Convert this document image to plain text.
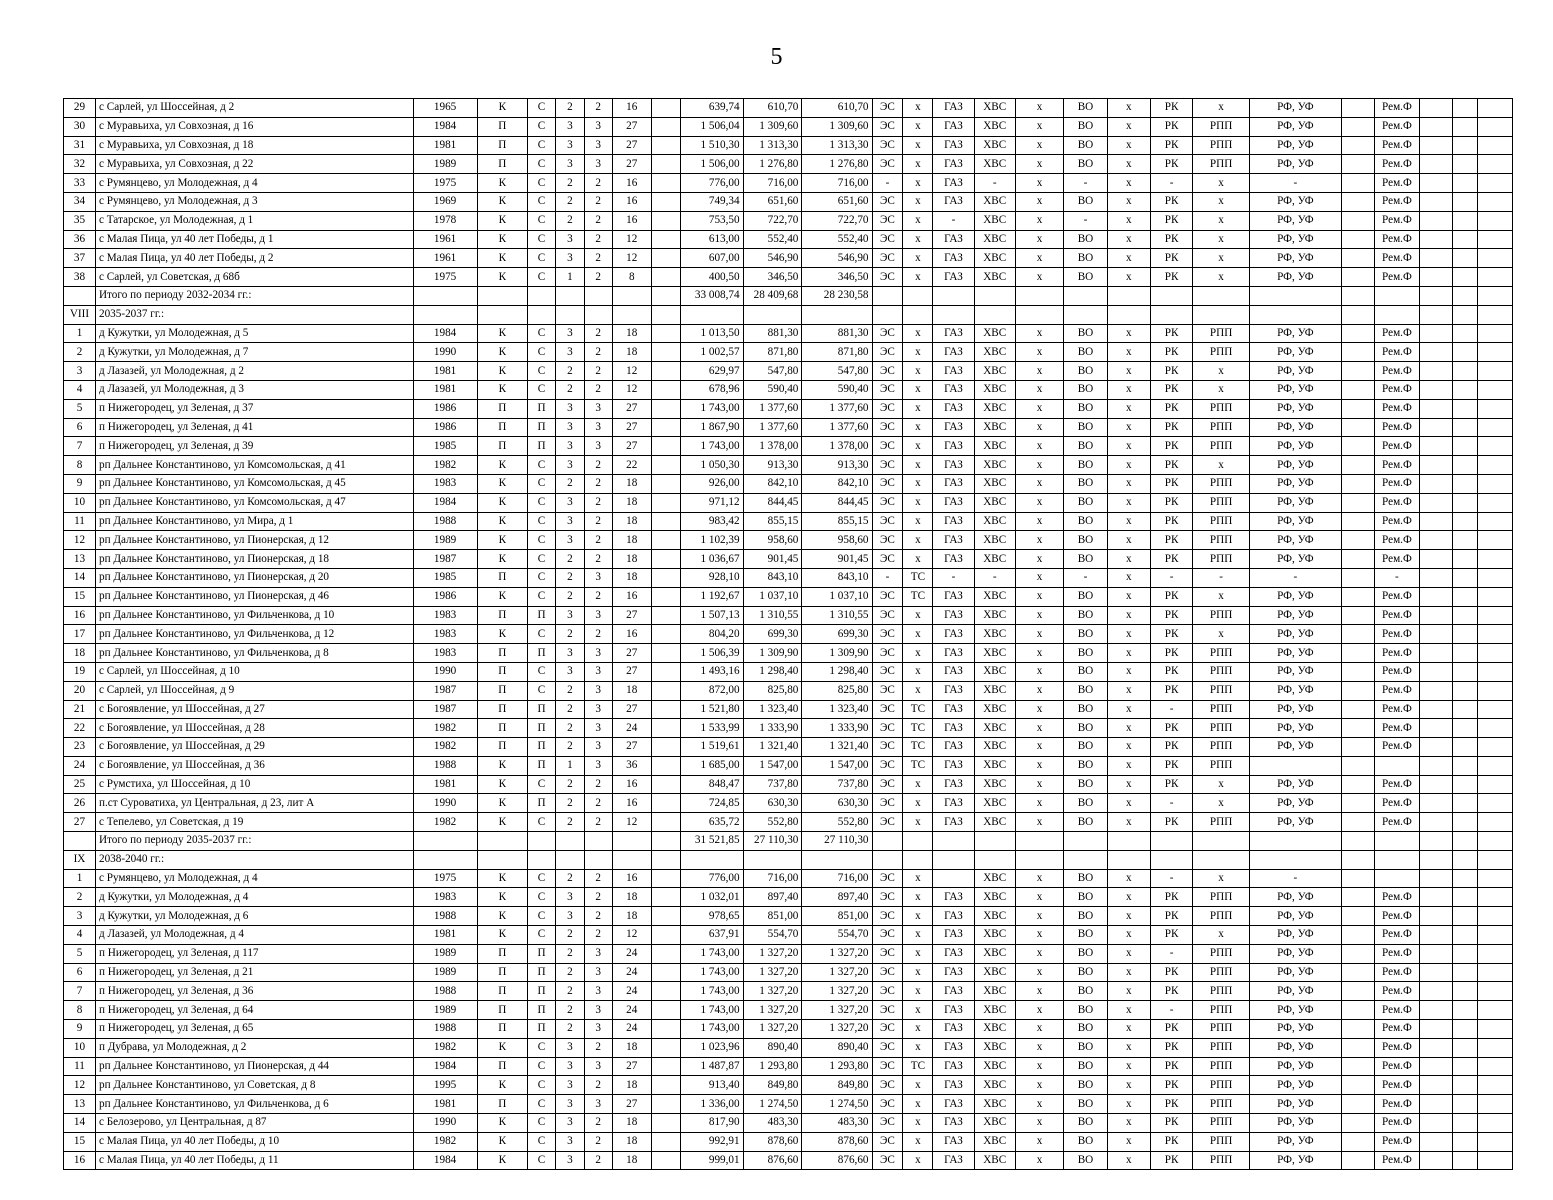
5
29	с Сарлей, ул Шоссейная, д 2	1965	К	С	2	2	16		639,74	610,70	610,70	ЭС	х	ГАЗ	ХВС	х	ВО	х	РК	х	РФ, УФ		Рем.Ф			
30	с Муравьиха, ул Совхозная, д 16	1984	П	С	3	3	27		1 506,04	1 309,60	1 309,60	ЭС	х	ГАЗ	ХВС	х	ВО	х	РК	РПП	РФ, УФ		Рем.Ф			
31	с Муравьиха, ул Совхозная, д 18	1981	П	С	3	3	27		1 510,30	1 313,30	1 313,30	ЭС	х	ГАЗ	ХВС	х	ВО	х	РК	РПП	РФ, УФ		Рем.Ф			
32	с Муравьиха, ул Совхозная, д 22	1989	П	С	3	3	27		1 506,00	1 276,80	1 276,80	ЭС	х	ГАЗ	ХВС	х	ВО	х	РК	РПП	РФ, УФ		Рем.Ф			
33	с Румянцево, ул Молодежная, д 4	1975	К	С	2	2	16		776,00	716,00	716,00	-	х	ГАЗ	-	х	-	х	-	х	-		Рем.Ф			
34	с Румянцево, ул Молодежная, д 3	1969	К	С	2	2	16		749,34	651,60	651,60	ЭС	х	ГАЗ	ХВС	х	ВО	х	РК	х	РФ, УФ		Рем.Ф			
35	с Татарское, ул Молодежная, д 1	1978	К	С	2	2	16		753,50	722,70	722,70	ЭС	х	-	ХВС	х	-	х	РК	х	РФ, УФ		Рем.Ф			
36	с Малая Пица, ул 40 лет Победы, д 1	1961	К	С	3	2	12		613,00	552,40	552,40	ЭС	х	ГАЗ	ХВС	х	ВО	х	РК	х	РФ, УФ		Рем.Ф			
37	с Малая Пица, ул 40 лет Победы, д 2	1961	К	С	3	2	12		607,00	546,90	546,90	ЭС	х	ГАЗ	ХВС	х	ВО	х	РК	х	РФ, УФ		Рем.Ф			
38	с Сарлей, ул Советская, д 68б	1975	К	С	1	2	8		400,50	346,50	346,50	ЭС	х	ГАЗ	ХВС	х	ВО	х	РК	х	РФ, УФ		Рем.Ф			
	Итого по периоду 2032-2034 гг.:								33 008,74	28 409,68	28 230,58															
VIII	2035-2037 гг.:																									
1	д Кужутки, ул Молодежная, д 5	1984	К	С	3	2	18		1 013,50	881,30	881,30	ЭС	х	ГАЗ	ХВС	х	ВО	х	РК	РПП	РФ, УФ		Рем.Ф			
2	д Кужутки, ул Молодежная, д 7	1990	К	С	3	2	18		1 002,57	871,80	871,80	ЭС	х	ГАЗ	ХВС	х	ВО	х	РК	РПП	РФ, УФ		Рем.Ф			
3	д Лазазей, ул Молодежная, д 2	1981	К	С	2	2	12		629,97	547,80	547,80	ЭС	х	ГАЗ	ХВС	х	ВО	х	РК	х	РФ, УФ		Рем.Ф			
4	д Лазазей, ул Молодежная, д 3	1981	К	С	2	2	12		678,96	590,40	590,40	ЭС	х	ГАЗ	ХВС	х	ВО	х	РК	х	РФ, УФ		Рем.Ф			
5	п Нижегородец, ул Зеленая, д 37	1986	П	П	3	3	27		1 743,00	1 377,60	1 377,60	ЭС	х	ГАЗ	ХВС	х	ВО	х	РК	РПП	РФ, УФ		Рем.Ф			
6	п Нижегородец, ул Зеленая, д 41	1986	П	П	3	3	27		1 867,90	1 377,60	1 377,60	ЭС	х	ГАЗ	ХВС	х	ВО	х	РК	РПП	РФ, УФ		Рем.Ф			
7	п Нижегородец, ул Зеленая, д 39	1985	П	П	3	3	27		1 743,00	1 378,00	1 378,00	ЭС	х	ГАЗ	ХВС	х	ВО	х	РК	РПП	РФ, УФ		Рем.Ф			
8	рп Дальнее Константиново, ул Комсомольская, д 41	1982	К	С	3	2	22		1 050,30	913,30	913,30	ЭС	х	ГАЗ	ХВС	х	ВО	х	РК	х	РФ, УФ		Рем.Ф			
9	рп Дальнее Константиново, ул Комсомольская, д 45	1983	К	С	2	2	18		926,00	842,10	842,10	ЭС	х	ГАЗ	ХВС	х	ВО	х	РК	РПП	РФ, УФ		Рем.Ф			
10	рп Дальнее Константиново, ул Комсомольская, д 47	1984	К	С	3	2	18		971,12	844,45	844,45	ЭС	х	ГАЗ	ХВС	х	ВО	х	РК	РПП	РФ, УФ		Рем.Ф			
11	рп Дальнее Константиново, ул Мира, д 1	1988	К	С	3	2	18		983,42	855,15	855,15	ЭС	х	ГАЗ	ХВС	х	ВО	х	РК	РПП	РФ, УФ		Рем.Ф			
12	рп Дальнее Константиново, ул Пионерская, д 12	1989	К	С	3	2	18		1 102,39	958,60	958,60	ЭС	х	ГАЗ	ХВС	х	ВО	х	РК	РПП	РФ, УФ		Рем.Ф			
13	рп Дальнее Константиново, ул Пионерская, д 18	1987	К	С	2	2	18		1 036,67	901,45	901,45	ЭС	х	ГАЗ	ХВС	х	ВО	х	РК	РПП	РФ, УФ		Рем.Ф			
14	рп Дальнее Константиново, ул Пионерская, д 20	1985	П	С	2	3	18		928,10	843,10	843,10	-	ТС	-	-	х	-	х	-	-	-		-			
15	рп Дальнее Константиново, ул Пионерская, д 46	1986	К	С	2	2	16		1 192,67	1 037,10	1 037,10	ЭС	ТС	ГАЗ	ХВС	х	ВО	х	РК	х	РФ, УФ		Рем.Ф			
16	рп Дальнее Константиново, ул Фильченкова, д 10	1983	П	П	3	3	27		1 507,13	1 310,55	1 310,55	ЭС	х	ГАЗ	ХВС	х	ВО	х	РК	РПП	РФ, УФ		Рем.Ф			
17	рп Дальнее Константиново, ул Фильченкова, д 12	1983	К	С	2	2	16		804,20	699,30	699,30	ЭС	х	ГАЗ	ХВС	х	ВО	х	РК	х	РФ, УФ		Рем.Ф			
18	рп Дальнее Константиново, ул Фильченкова, д 8	1983	П	П	3	3	27		1 506,39	1 309,90	1 309,90	ЭС	х	ГАЗ	ХВС	х	ВО	х	РК	РПП	РФ, УФ		Рем.Ф			
19	с Сарлей, ул Шоссейная, д 10	1990	П	С	3	3	27		1 493,16	1 298,40	1 298,40	ЭС	х	ГАЗ	ХВС	х	ВО	х	РК	РПП	РФ, УФ		Рем.Ф			
20	с Сарлей, ул Шоссейная, д 9	1987	П	С	2	3	18		872,00	825,80	825,80	ЭС	х	ГАЗ	ХВС	х	ВО	х	РК	РПП	РФ, УФ		Рем.Ф			
21	с Богоявление, ул Шоссейная, д 27	1987	П	П	2	3	27		1 521,80	1 323,40	1 323,40	ЭС	ТС	ГАЗ	ХВС	х	ВО	х	-	РПП	РФ, УФ		Рем.Ф			
22	с Богоявление, ул Шоссейная, д 28	1982	П	П	2	3	24		1 533,99	1 333,90	1 333,90	ЭС	ТС	ГАЗ	ХВС	х	ВО	х	РК	РПП	РФ, УФ		Рем.Ф			
23	с Богоявление, ул Шоссейная, д 29	1982	П	П	2	3	27		1 519,61	1 321,40	1 321,40	ЭС	ТС	ГАЗ	ХВС	х	ВО	х	РК	РПП	РФ, УФ		Рем.Ф			
24	с Богоявление, ул Шоссейная, д 36	1988	К	П	1	3	36		1 685,00	1 547,00	1 547,00	ЭС	ТС	ГАЗ	ХВС	х	ВО	х	РК	РПП						
25	с Румстиха, ул Шоссейная, д 10	1981	К	С	2	2	16		848,47	737,80	737,80	ЭС	х	ГАЗ	ХВС	х	ВО	х	РК	х	РФ, УФ		Рем.Ф			
26	п.ст Суроватиха, ул Центральная, д 23, лит А	1990	К	П	2	2	16		724,85	630,30	630,30	ЭС	х	ГАЗ	ХВС	х	ВО	х	-	х	РФ, УФ		Рем.Ф			
27	с Тепелево, ул Советская, д 19	1982	К	С	2	2	12		635,72	552,80	552,80	ЭС	х	ГАЗ	ХВС	х	ВО	х	РК	РПП	РФ, УФ		Рем.Ф			
	Итого по периоду 2035-2037 гг.:								31 521,85	27 110,30	27 110,30															
IX	2038-2040 гг.:																									
1	с Румянцево, ул Молодежная, д 4	1975	К	С	2	2	16		776,00	716,00	716,00	ЭС	х		ХВС	х	ВО	х	-	х	-					
2	д Кужутки, ул Молодежная, д 4	1983	К	С	3	2	18		1 032,01	897,40	897,40	ЭС	х	ГАЗ	ХВС	х	ВО	х	РК	РПП	РФ, УФ		Рем.Ф			
3	д Кужутки, ул Молодежная, д 6	1988	К	С	3	2	18		978,65	851,00	851,00	ЭС	х	ГАЗ	ХВС	х	ВО	х	РК	РПП	РФ, УФ		Рем.Ф			
4	д Лазазей, ул Молодежная, д 4	1981	К	С	2	2	12		637,91	554,70	554,70	ЭС	х	ГАЗ	ХВС	х	ВО	х	РК	х	РФ, УФ		Рем.Ф			
5	п Нижегородец, ул Зеленая, д 117	1989	П	П	2	3	24		1 743,00	1 327,20	1 327,20	ЭС	х	ГАЗ	ХВС	х	ВО	х	-	РПП	РФ, УФ		Рем.Ф			
6	п Нижегородец, ул Зеленая, д 21	1989	П	П	2	3	24		1 743,00	1 327,20	1 327,20	ЭС	х	ГАЗ	ХВС	х	ВО	х	РК	РПП	РФ, УФ		Рем.Ф			
7	п Нижегородец, ул Зеленая, д 36	1988	П	П	2	3	24		1 743,00	1 327,20	1 327,20	ЭС	х	ГАЗ	ХВС	х	ВО	х	РК	РПП	РФ, УФ		Рем.Ф			
8	п Нижегородец, ул Зеленая, д 64	1989	П	П	2	3	24		1 743,00	1 327,20	1 327,20	ЭС	х	ГАЗ	ХВС	х	ВО	х	-	РПП	РФ, УФ		Рем.Ф			
9	п Нижегородец, ул Зеленая, д 65	1988	П	П	2	3	24		1 743,00	1 327,20	1 327,20	ЭС	х	ГАЗ	ХВС	х	ВО	х	РК	РПП	РФ, УФ		Рем.Ф			
10	п Дубрава, ул Молодежная, д 2	1982	К	С	3	2	18		1 023,96	890,40	890,40	ЭС	х	ГАЗ	ХВС	х	ВО	х	РК	РПП	РФ, УФ		Рем.Ф			
11	рп Дальнее Константиново, ул Пионерская, д 44	1984	П	С	3	3	27		1 487,87	1 293,80	1 293,80	ЭС	ТС	ГАЗ	ХВС	х	ВО	х	РК	РПП	РФ, УФ		Рем.Ф			
12	рп Дальнее Константиново, ул Советская, д 8	1995	К	С	3	2	18		913,40	849,80	849,80	ЭС	х	ГАЗ	ХВС	х	ВО	х	РК	РПП	РФ, УФ		Рем.Ф			
13	рп Дальнее Константиново, ул Фильченкова, д 6	1981	П	С	3	3	27		1 336,00	1 274,50	1 274,50	ЭС	х	ГАЗ	ХВС	х	ВО	х	РК	РПП	РФ, УФ		Рем.Ф			
14	с Белозерово, ул Центральная, д 87	1990	К	С	3	2	18		817,90	483,30	483,30	ЭС	х	ГАЗ	ХВС	х	ВО	х	РК	РПП	РФ, УФ		Рем.Ф			
15	с Малая Пица, ул 40 лет Победы, д 10	1982	К	С	3	2	18		992,91	878,60	878,60	ЭС	х	ГАЗ	ХВС	х	ВО	х	РК	РПП	РФ, УФ		Рем.Ф			
16	с Малая Пица, ул 40 лет Победы, д 11	1984	К	С	3	2	18		999,01	876,60	876,60	ЭС	х	ГАЗ	ХВС	х	ВО	х	РК	РПП	РФ, УФ		Рем.Ф			
